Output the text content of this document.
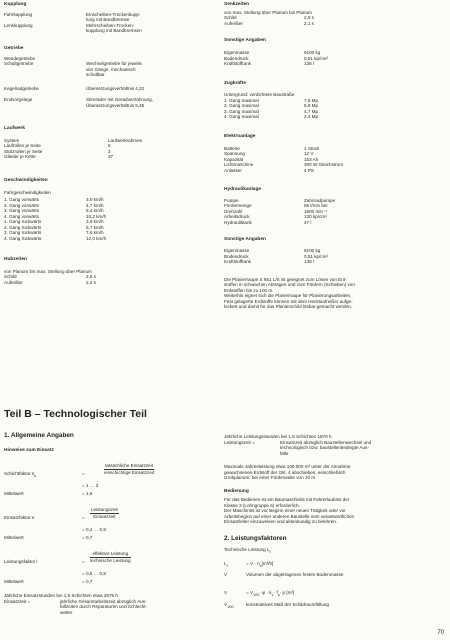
Kupplung
Fahrkupplung	Einscheiben-Trockenkupp-
lung mit Bandbremse
Lenkkupplung	Mehrscheiben-Trocken-
kupplung mit Bandbremsen
Getriebe
Wendegetriebe
Schaltgetriebe	Wechselgetriebe für jeweils
vier Gänge, mechanisch
schaltbar
Kegelradgetriebe	Übersetzungsverhältnis 4,22
Endvorgelege	Stirnräder mit Geradverzahnung,
Übersetzungsverhältnis 5,45
Laufwerk
System	Laufwerkrahmen
Laufrollen je Seite	5
Stützrollen je Seite	2
Glieder je Kette	37
Geschwindigkeiten
Fahrgeschwindigkeiten
1. Gang vorwärts	3,0 km/h
2. Gang vorwärts	4,7 km/h
3. Gang vorwärts	6,4 km/h
4. Gang vorwärts	10,2 km/h
1. Gang rückwärts	3,6 km/h
2. Gang rückwärts	5,7 km/h
3. Gang rückwärts	7,6 km/h
4. Gang rückwärts	12,0 km/h
Hubzeiten
von Planum bis max. Stellung über Planum
Schild	2,6 s
Aufreißer	2,2 s
Senkzeiten
von max. Stellung über Planum bis Planum
Schild	2,8 s
Aufreißer	2,1 s
Sonstige Angaben
Eigenmasse	9100 kg
Bodendruck	0,51 kp/cm²
Kraftstofftank	136 l
Zugkräfte
Untergrund: verdichtete Baustraße
1. Gang maximal	7,6 Mp
2. Gang maximal	5,9 Mp
3. Gang maximal	4,7 Mp
4. Gang maximal	2,4 Mp
Elektroanlage
Batterie	1 Stück
Spannung	12 V
Kapazität	153 Ah
Lichtmaschine	300 W Gleichstrom
Anlasser	4 PS
Hydraulikanlage
Pumpe	Zahnradpumpe
Fördermenge	55 l/min bei
Drehzahl	1800 min⁻¹
Arbeitsdruck	130 kp/cm²
Hydrauliktank	47 l
Sonstige Angaben
Eigenmasse	9100 kg
Bodendruck	0,51 kp/cm²
Kraftstofftank	136 l
Die Planierraupe S 651 L/S ist geeignet zum Lösen von Ent-
stoffen in schwachen Abträgen und zum Fördern (Schieben) von
Erdstoffen bis zu 100 m.
Weiterhin eignet sich die Planierraupe für Planierungsarbeiten.
Fest gelagerte Erdstoffe können mit dem Hecktaufreißer aufge-
lockert und damit für das Planierschild lösbar gemacht werden.
Teil B – Technologischer Teil
1. Allgemeine Angaben
Hinweise zum Einsatz
Schichtfaktor $s_s$	=
tatsächliche Einsatzzeit
einschichtige Einsatzzeit
= 1 … 3
Mittelwert	= 1,6
Einsatzfaktor e	=
Leistungszeit
Einsatzzeit
= 0,4 … 0,8
Mittelwert	= 0,7
Leistungsfaktor l	=
effektive Leistung
technische Leistung
= 0,5 … 0,8
Mittelwert	= 0,7
Jährliche Einsatzstunden bei 1,5 Schichten etwa 2675 h
Einsatzzeit =	jährliche Gesamtarbeitszeit abzüglich Aus-
fallzeiten durch Reparaturen und Schlecht-
wetter
Jährliche Leistungsstunden bei 1,5 Schichten 1870 h
Leistungszeit =	Einsatzzeit abzüglich Baustellenwechsel und
technologisch bzw. baustellenbedingte Aus-
fälle
Maximale Jahresleistung etwa 100 000 m³ unter der Annahme
gewachsenen Erdstoff der Gkl. 4 abschieben, einschließlich
Grobplanum, bei einer Förderweite von 20 m
Bedienung
Für das Bedienen ist ein Baumaschinist mit Fahrerlaubnis der
Klasse 3 (Lohngruppe 6) erforderlich.
Der Maschinist ist vor Beginn einer neuen Tätigkeit oder vor
Arbeitsbeginn auf einer anderen Baustelle vom verantwortlichen
Einsatzleiter einzuweisen und aktenkundig zu belehren.
2. Leistungsfaktoren
Technische Leistung $L_t$
$L_t$	= $V \cdot n_s[m^3/h]$
V	Volumen der abgetragenen festen Bodenmasse
V	= $V_{100}\cdot \varphi \cdot k_L\cdot f_s\cdot p$ [m³]
$V_{100}$	konstruktives Maß der Schildraumfüllung
70
